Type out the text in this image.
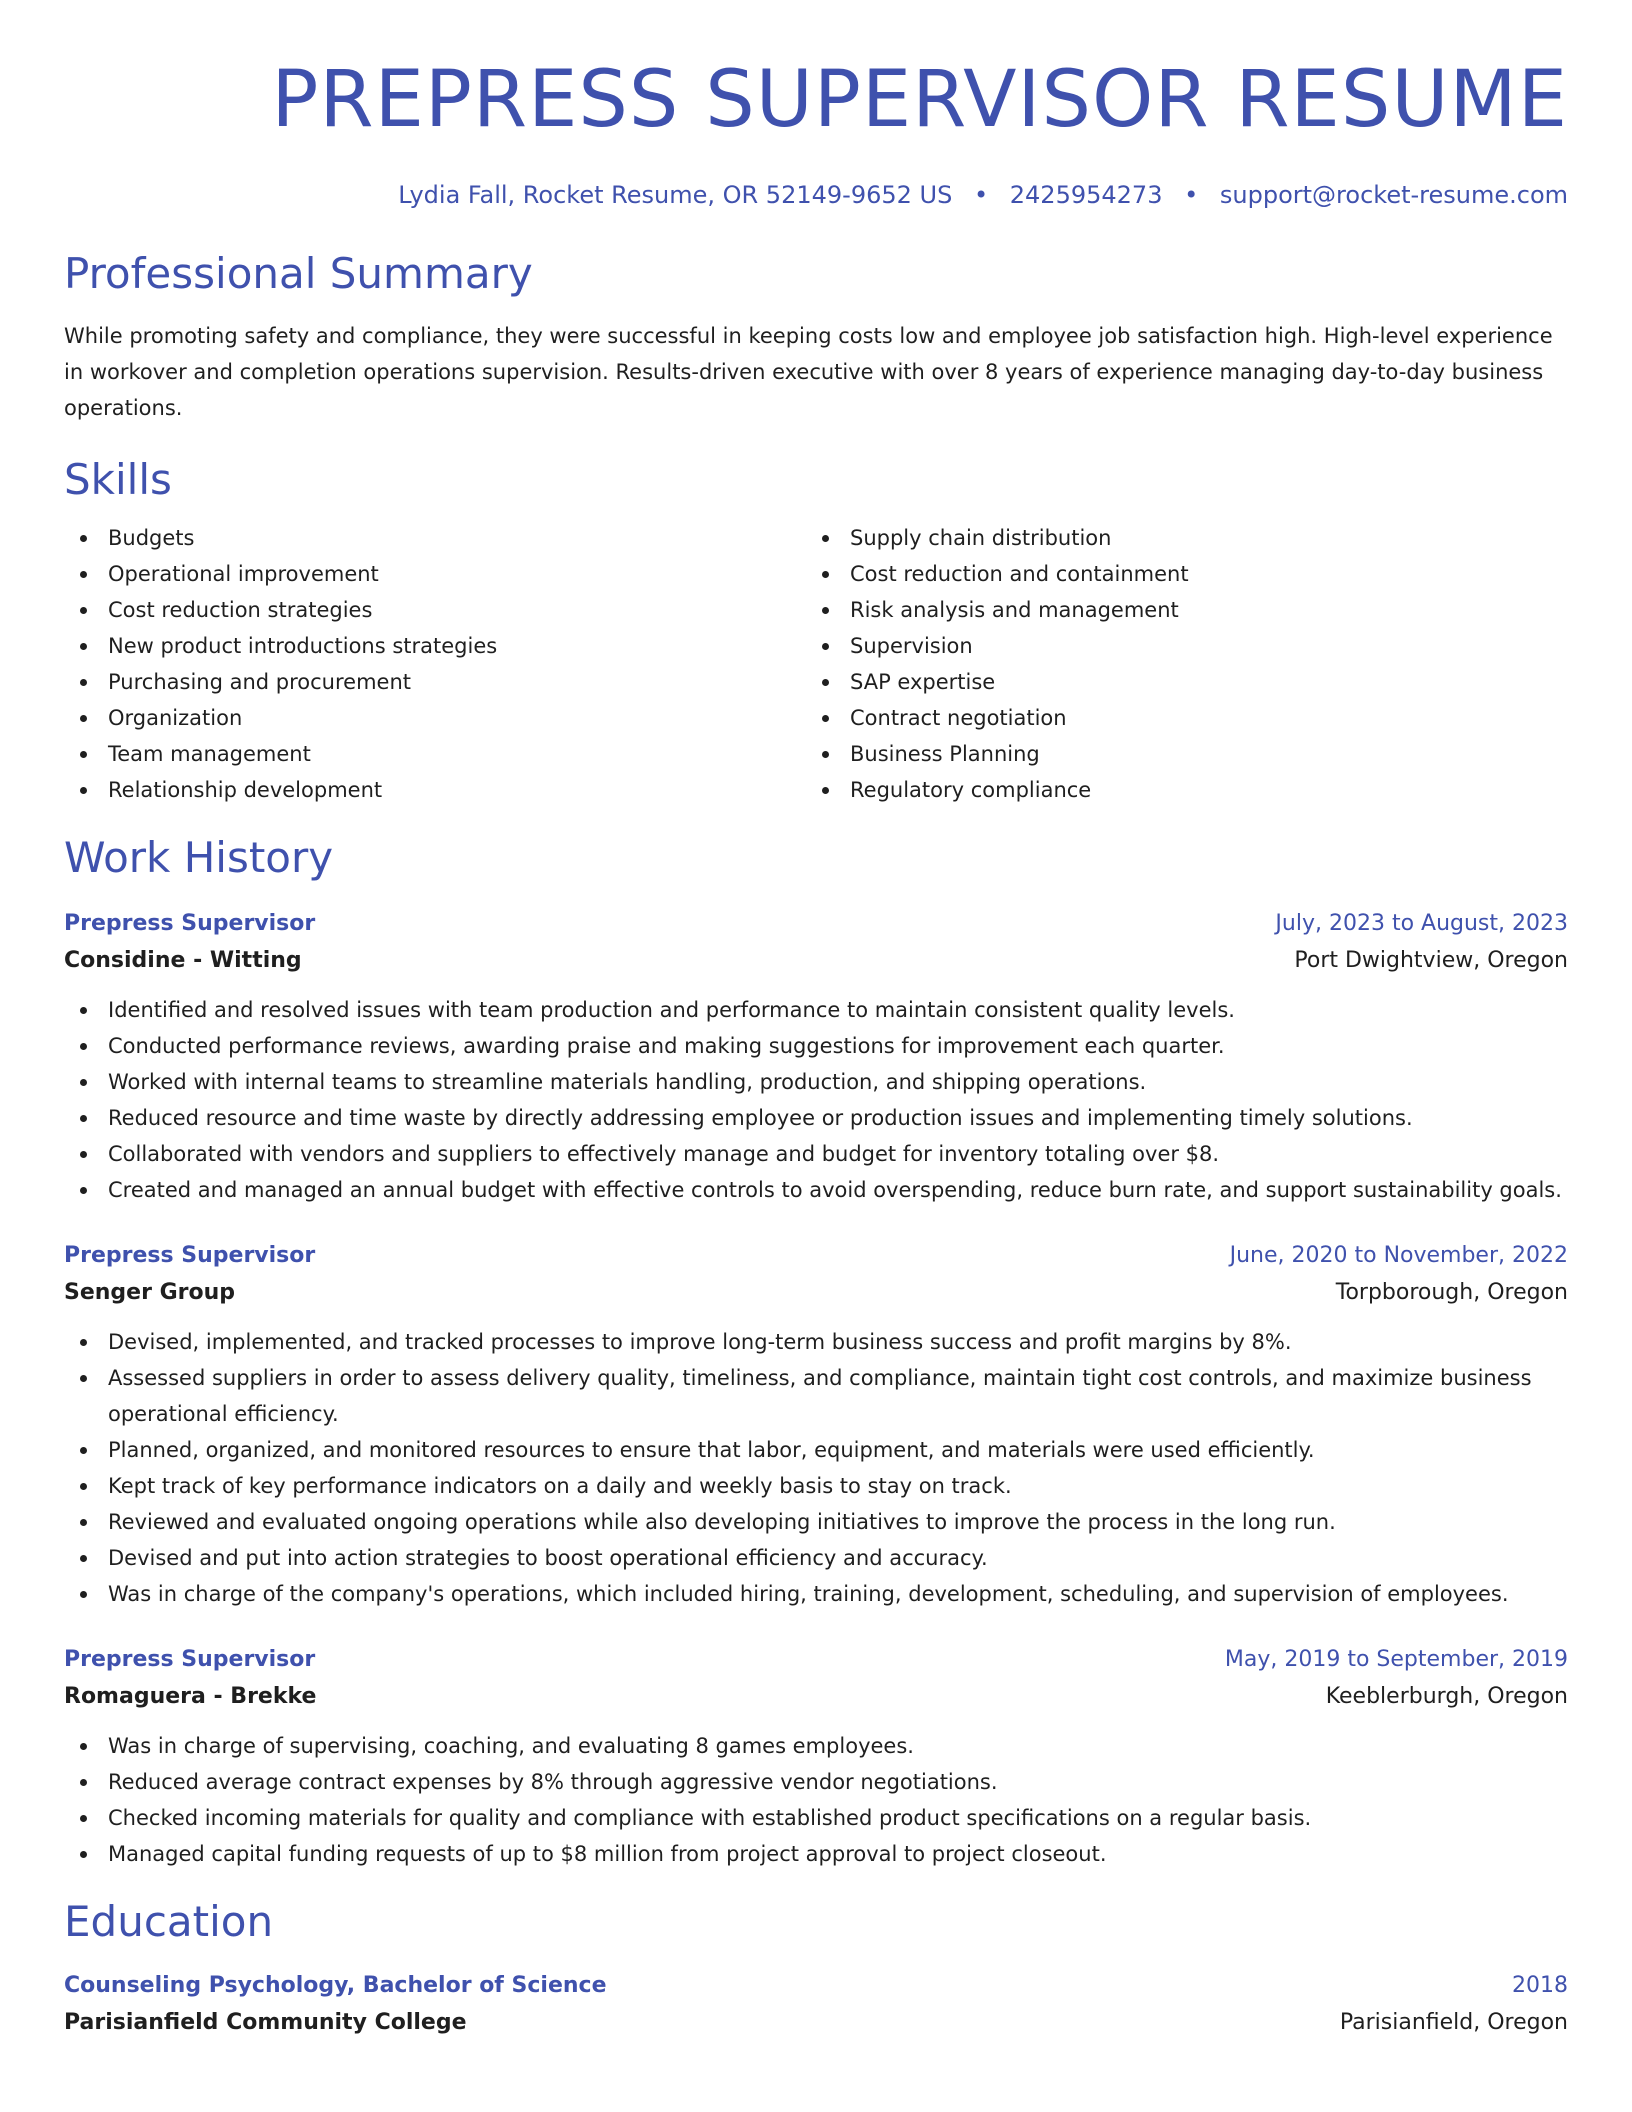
PREPRESS SUPERVISOR RESUME
Lydia Fall, Rocket Resume, OR 52149-9652 US • 2425954273 • support@rocket-resume.com
Professional Summary

While promoting safety and compliance, they were successful in keeping costs low and employee job satisfaction high. High-level experience in workover and completion operations supervision. Results-driven executive with over 8 years of experience managing day-to-day business operations.

Skills
Budgets
Operational improvement
Cost reduction strategies
New product introductions strategies
Purchasing and procurement
Organization
Team management
Relationship development
Supply chain distribution
Cost reduction and containment
Risk analysis and management
Supervision
SAP expertise
Contract negotiation
Business Planning
Regulatory compliance
Work History
Prepress Supervisor	July, 2023 to August, 2023
Considine - Witting	Port Dwightview, Oregon
Identified and resolved issues with team production and performance to maintain consistent quality levels.
Conducted performance reviews, awarding praise and making suggestions for improvement each quarter.
Worked with internal teams to streamline materials handling, production, and shipping operations.
Reduced resource and time waste by directly addressing employee or production issues and implementing timely solutions.
Collaborated with vendors and suppliers to effectively manage and budget for inventory totaling over $8.
Created and managed an annual budget with effective controls to avoid overspending, reduce burn rate, and support sustainability goals.
Prepress Supervisor	June, 2020 to November, 2022
Senger Group	Torpborough, Oregon
Devised, implemented, and tracked processes to improve long-term business success and profit margins by 8%.
Assessed suppliers in order to assess delivery quality, timeliness, and compliance, maintain tight cost controls, and maximize business operational efficiency.
Planned, organized, and monitored resources to ensure that labor, equipment, and materials were used efficiently.
Kept track of key performance indicators on a daily and weekly basis to stay on track.
Reviewed and evaluated ongoing operations while also developing initiatives to improve the process in the long run.
Devised and put into action strategies to boost operational efficiency and accuracy.
Was in charge of the company's operations, which included hiring, training, development, scheduling, and supervision of employees.
Prepress Supervisor	May, 2019 to September, 2019
Romaguera - Brekke	Keeblerburgh, Oregon
Was in charge of supervising, coaching, and evaluating 8 games employees.
Reduced average contract expenses by 8% through aggressive vendor negotiations.
Checked incoming materials for quality and compliance with established product specifications on a regular basis.
Managed capital funding requests of up to $8 million from project approval to project closeout.
Education
Counseling Psychology, Bachelor of Science	2018
Parisianfield Community College	Parisianfield, Oregon
